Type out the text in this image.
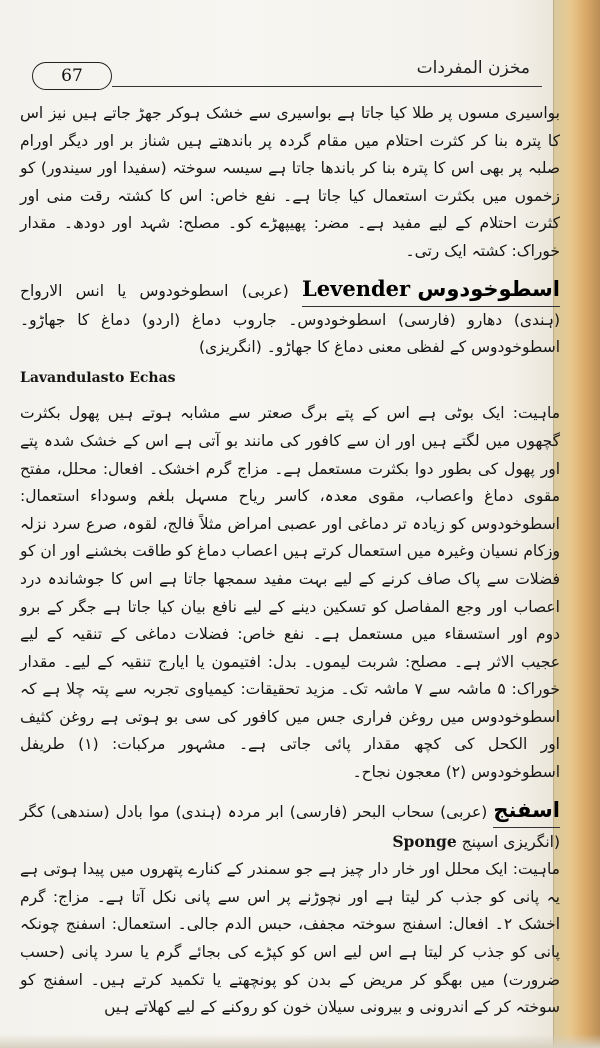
67	مخزن المفردات

بواسیری مسوں پر طلا کیا جاتا ہے بواسیری سے خشک ہوکر جھڑ جاتے ہیں نیز اس کا پترہ بنا کر کثرت احتلام میں مقام گردہ پر باندھتے ہیں شناز بر اور دیگر اورام صلبہ پر بھی اس کا پترہ بنا کر باندھا جاتا ہے سیسہ سوختہ (سفیدا اور سیندور) کو زخموں میں بکثرت استعمال کیا جاتا ہے۔ نفع خاص: اس کا کشتہ رقت منی اور کثرت احتلام کے لیے مفید ہے۔ مضر: پھیپھڑے کو۔ مصلح: شہد اور دودھ۔ مقدار خوراک: کشتہ ایک رتی۔

اسطوخودوس Levender (عربی) اسطوخودوس یا انس الارواح (ہندی) دھارو (فارسی) اسطوخودوس۔ جاروب دماغ (اردو) دماغ کا جھاڑو۔ اسطوخودوس کے لفظی معنی دماغ کا جھاڑو۔ (انگریزی)
Lavandulasto Echas

ماہیت: ایک بوٹی ہے اس کے پتے برگ صعتر سے مشابہ ہوتے ہیں پھول بکثرت گچھوں میں لگتے ہیں اور ان سے کافور کی مانند بو آتی ہے اس کے خشک شدہ پتے اور پھول کی بطور دوا بکثرت مستعمل ہے۔ مزاج گرم اخشک۔ افعال: محلل، مفتح مقوی دماغ واعصاب، مقوی معدہ، کاسر ریاح مسہل بلغم وسوداء استعمال: اسطوخودوس کو زیادہ تر دماغی اور عصبی امراض مثلاً فالج، لقوہ، صرع سرد نزلہ وزکام نسیان وغیرہ میں استعمال کرتے ہیں اعصاب دماغ کو طاقت بخشنے اور ان کو فضلات سے پاک صاف کرنے کے لیے بہت مفید سمجھا جاتا ہے اس کا جوشاندہ درد اعصاب اور وجع المفاصل کو تسکین دینے کے لیے نافع بیان کیا جاتا ہے جگر کے برو دوم اور استسقاء میں مستعمل ہے۔ نفع خاص: فضلات دماغی کے تنقیہ کے لیے عجیب الاثر ہے۔ مصلح: شربت لیموں۔ بدل: افتیمون یا ایارج تنقیہ کے لیے۔ مقدار خوراک: ۵ ماشہ سے ۷ ماشہ تک۔ مزید تحقیقات: کیمیاوی تجربہ سے پتہ چلا ہے کہ اسطوخودوس میں روغن فراری جس میں کافور کی سی بو ہوتی ہے روغن کثیف اور الکحل کی کچھ مقدار پائی جاتی ہے۔ مشہور مرکبات: (۱) طریفل اسطوخودوس (۲) معجون نجاح۔

اسفنج (عربی) سحاب البحر (فارسی) ابر مردہ (ہندی) موا بادل (سندھی) کگر (انگریزی اسپنج Sponge

ماہیت: ایک محلل اور خار دار چیز ہے جو سمندر کے کنارے پتھروں میں پیدا ہوتی ہے یہ پانی کو جذب کر لیتا ہے اور نچوڑنے پر اس سے پانی نکل آتا ہے۔ مزاج: گرم اخشک ۲۔ افعال: اسفنج سوختہ مجفف، حبس الدم جالی۔ استعمال: اسفنج چونکہ پانی کو جذب کر لیتا ہے اس لیے اس کو کپڑے کی بجائے گرم یا سرد پانی (حسب ضرورت) میں بھگو کر مریض کے بدن کو پونچھتے یا تکمید کرتے ہیں۔ اسفنج کو سوختہ کر کے اندرونی و بیرونی سیلان خون کو روکنے کے لیے کھلاتے ہیں
